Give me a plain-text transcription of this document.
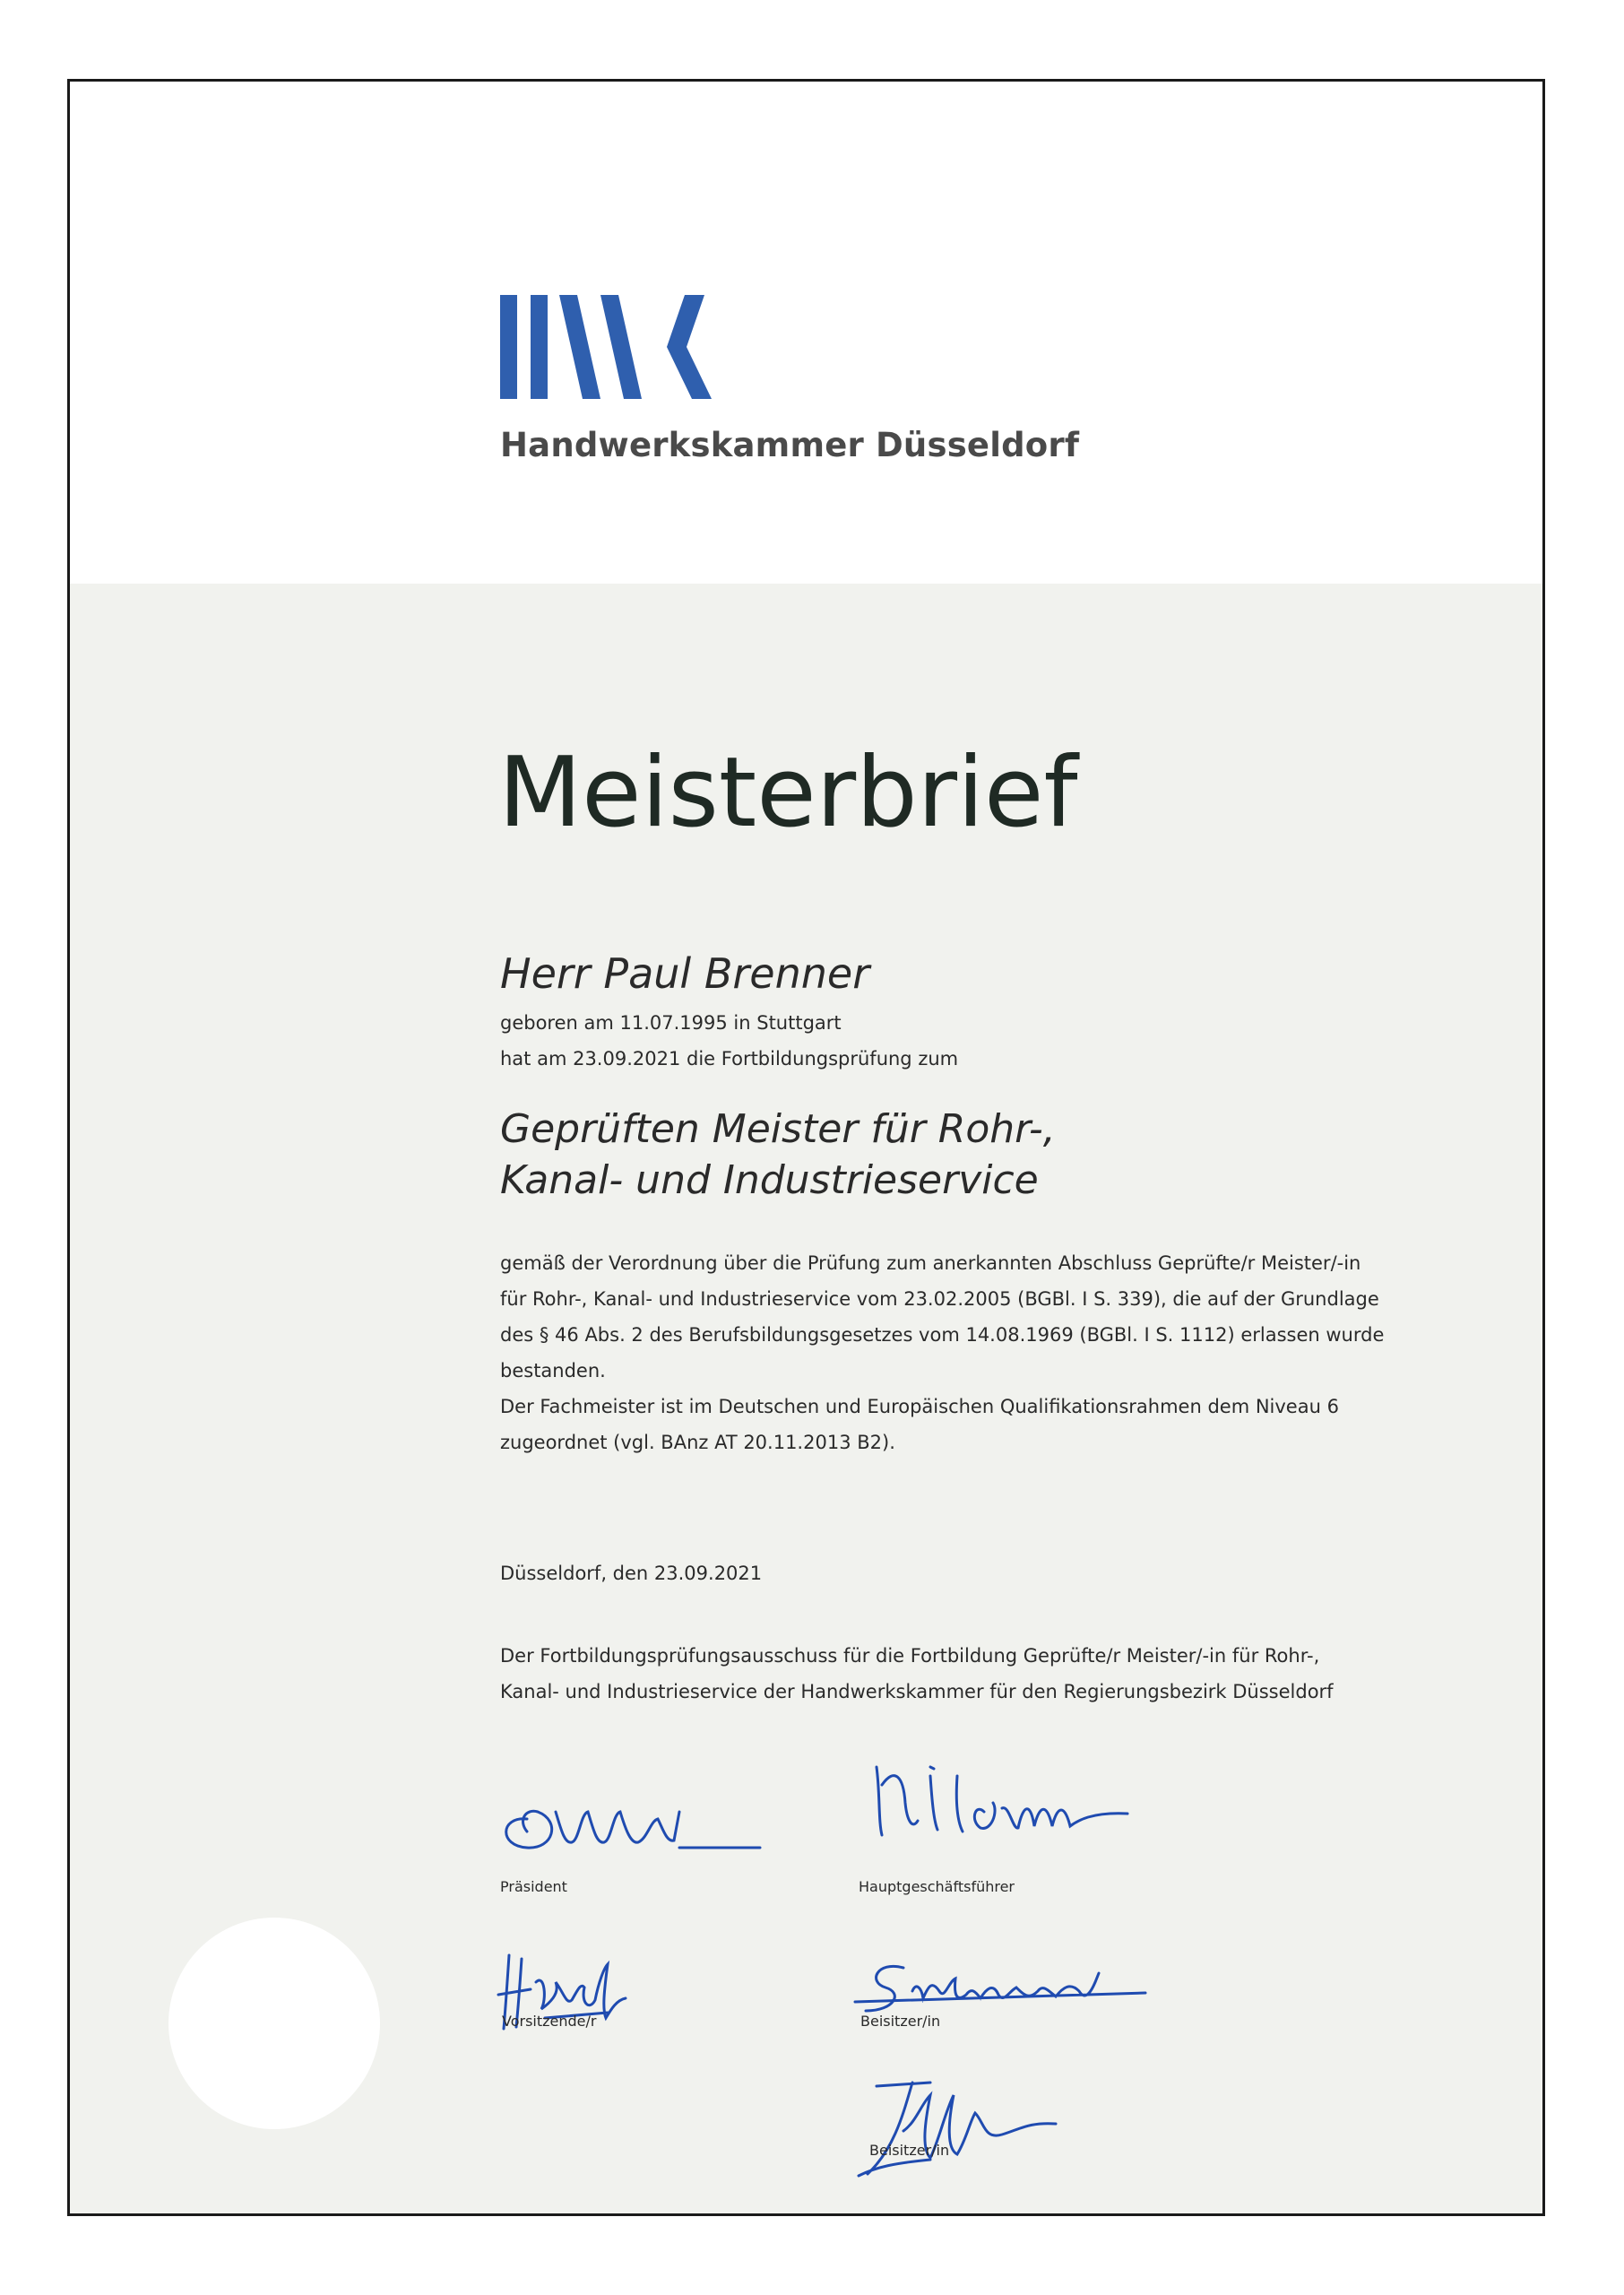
Handwerkskammer Düsseldorf

Meisterbrief

Herr Paul Brenner

geboren am 11.07.1995 in Stuttgart

hat am 23.09.2021 die Fortbildungsprüfung zum

Geprüften Meister für Rohr-,
Kanal- und Industrieservice

gemäß der Verordnung über die Prüfung zum anerkannten Abschluss Geprüfte/r Meister/-in
für Rohr-, Kanal- und Industrieservice vom 23.02.2005 (BGBl. I S. 339), die auf der Grundlage
des § 46 Abs. 2 des Berufsbildungsgesetzes vom 14.08.1969 (BGBl. I S. 1112) erlassen wurde
bestanden.
Der Fachmeister ist im Deutschen und Europäischen Qualifikationsrahmen dem Niveau 6
zugeordnet (vgl. BAnz AT 20.11.2013 B2).

Düsseldorf, den 23.09.2021

Der Fortbildungsprüfungsausschuss für die Fortbildung Geprüfte/r Meister/-in für Rohr-,
Kanal- und Industrieservice der Handwerkskammer für den Regierungsbezirk Düsseldorf

Präsident	Hauptgeschäftsführer

Vorsitzende/r	Beisitzer/in

Beisitzer/in
